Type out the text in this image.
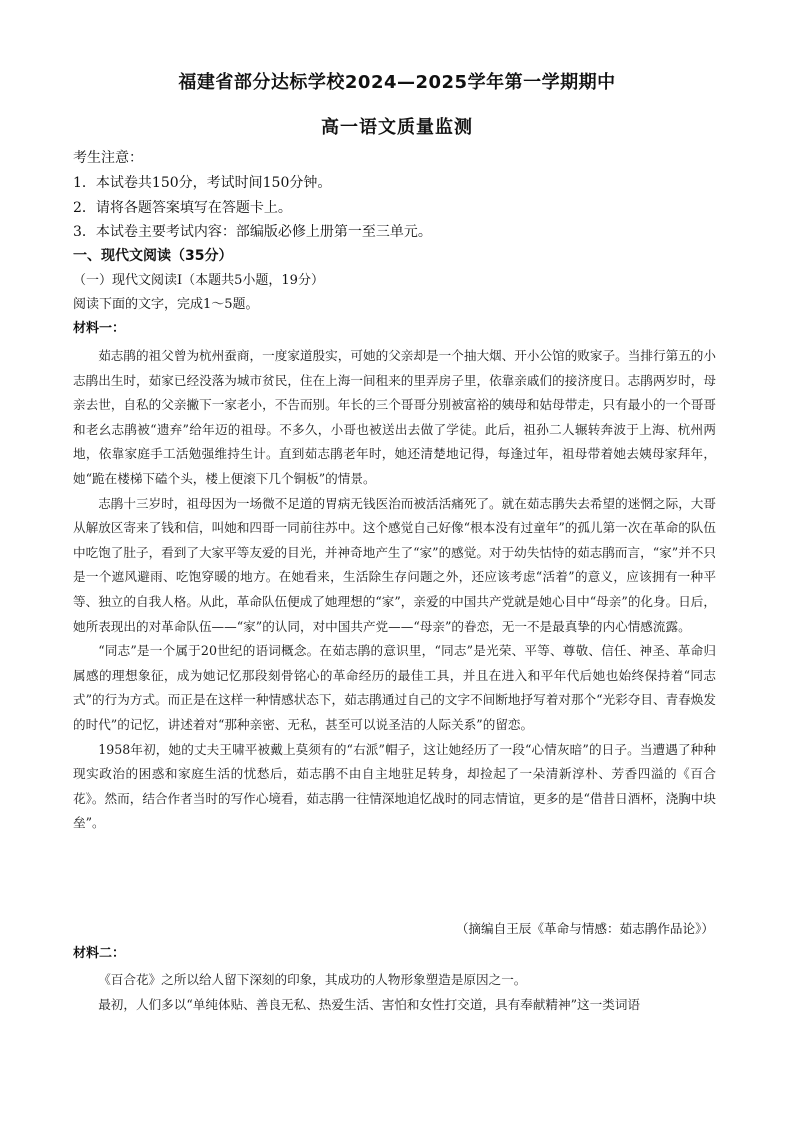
福建省部分达标学校2024—2025学年第一学期期中
高一语文质量监测
考生注意：
1．本试卷共150分，考试时间150分钟。
2．请将各题答案填写在答题卡上。
3．本试卷主要考试内容：部编版必修上册第一至三单元。
一、现代文阅读（35分）
（一）现代文阅读Ⅰ（本题共5小题，19分）
阅读下面的文字，完成1～5题。
材料一：

茹志鹃的祖父曾为杭州蚕商，一度家道殷实，可她的父亲却是一个抽大烟、开小公馆的败家子。当排行第五的小志鹃出生时，茹家已经没落为城市贫民，住在上海一间租来的里弄房子里，依靠亲戚们的接济度日。志鹃两岁时，母亲去世，自私的父亲撇下一家老小，不告而别。年长的三个哥哥分别被富裕的姨母和姑母带走，只有最小的一个哥哥和老幺志鹃被“遗弃”给年迈的祖母。不多久，小哥也被送出去做了学徒。此后，祖孙二人辗转奔波于上海、杭州两地，依靠家庭手工活勉强维持生计。直到茹志鹃老年时，她还清楚地记得，每逢过年，祖母带着她去姨母家拜年，她“跪在楼梯下磕个头，楼上便滚下几个铜板”的情景。

志鹃十三岁时，祖母因为一场微不足道的胃病无钱医治而被活活痛死了。就在茹志鹃失去希望的迷惘之际，大哥从解放区寄来了钱和信，叫她和四哥一同前往苏中。这个感觉自己好像“根本没有过童年”的孤儿第一次在革命的队伍中吃饱了肚子，看到了大家平等友爱的目光，并神奇地产生了“家”的感觉。对于幼失怙恃的茹志鹃而言，“家”并不只是一个遮风避雨、吃饱穿暖的地方。在她看来，生活除生存问题之外，还应该考虑“活着”的意义，应该拥有一种平等、独立的自我人格。从此，革命队伍便成了她理想的“家”，亲爱的中国共产党就是她心目中“母亲”的化身。日后，她所表现出的对革命队伍——“家”的认同，对中国共产党——“母亲”的眷恋，无一不是最真挚的内心情感流露。

“同志”是一个属于20世纪的语词概念。在茹志鹃的意识里，“同志”是光荣、平等、尊敬、信任、神圣、革命归属感的理想象征，成为她记忆那段刻骨铭心的革命经历的最佳工具，并且在进入和平年代后她也始终保持着“同志式”的行为方式。而正是在这样一种情感状态下，茹志鹃通过自己的文字不间断地抒写着对那个“光彩夺目、青春焕发的时代”的记忆，讲述着对“那种亲密、无私，甚至可以说圣洁的人际关系”的留恋。

1958年初，她的丈夫王啸平被戴上莫须有的“右派”帽子，这让她经历了一段“心情灰暗”的日子。当遭遇了种种现实政治的困惑和家庭生活的忧愁后，茹志鹃不由自主地驻足转身，却捡起了一朵清新淳朴、芳香四溢的《百合花》。然而，结合作者当时的写作心境看，茹志鹃一往情深地追忆战时的同志情谊，更多的是“借昔日酒杯，浇胸中块垒”。

（摘编自王辰《革命与情感：茹志鹃作品论》）
材料二：

《百合花》之所以给人留下深刻的印象，其成功的人物形象塑造是原因之一。

最初，人们多以“单纯体贴、善良无私、热爱生活、害怕和女性打交道，具有奉献精神”这一类词语
